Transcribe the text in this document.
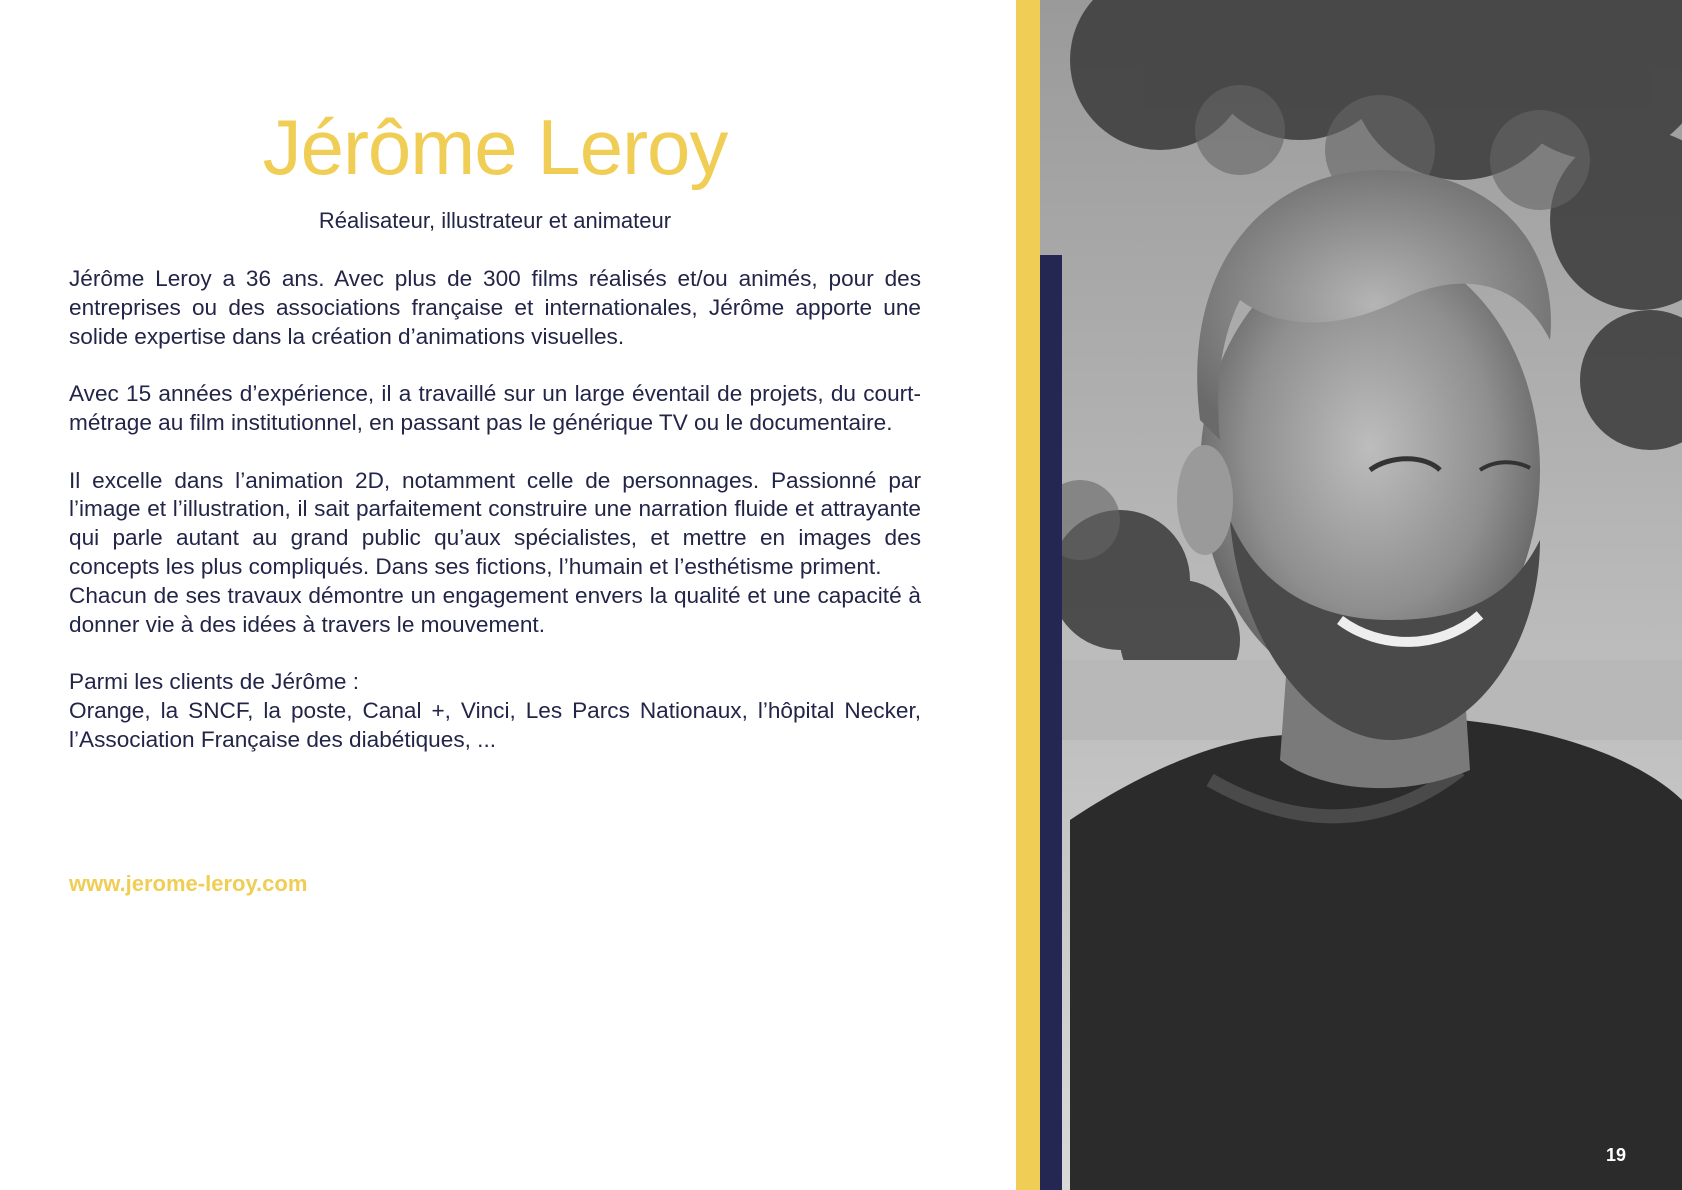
Jérôme Leroy

Réalisateur, illustrateur et animateur

Jérôme Leroy a 36 ans. Avec plus de 300 films réalisés et/ou animés, pour des entreprises ou des associations française et internationales, Jérôme apporte une solide expertise dans la création d’animations visuelles.

Avec 15 années d’expérience, il a travaillé sur un large éventail de projets, du court-métrage au film institutionnel, en passant pas le générique TV ou le documentaire.

Il excelle dans l’animation 2D, notamment celle de personnages. Passionné par l’image et l’illustration, il sait parfaitement construire une narration fluide et attrayante qui parle autant au grand public qu’aux spécialistes, et mettre en images des concepts les plus compliqués. Dans ses fictions, l’humain et l’esthétisme priment.

Chacun de ses travaux démontre un engagement envers la qualité et une capacité à donner vie à des idées à travers le mouvement.

Parmi les clients de Jérôme :

Orange, la SNCF, la poste, Canal +, Vinci, Les Parcs Nationaux, l’hôpital Necker, l’Association Française des diabétiques, ...

www.jerome-leroy.com
19
